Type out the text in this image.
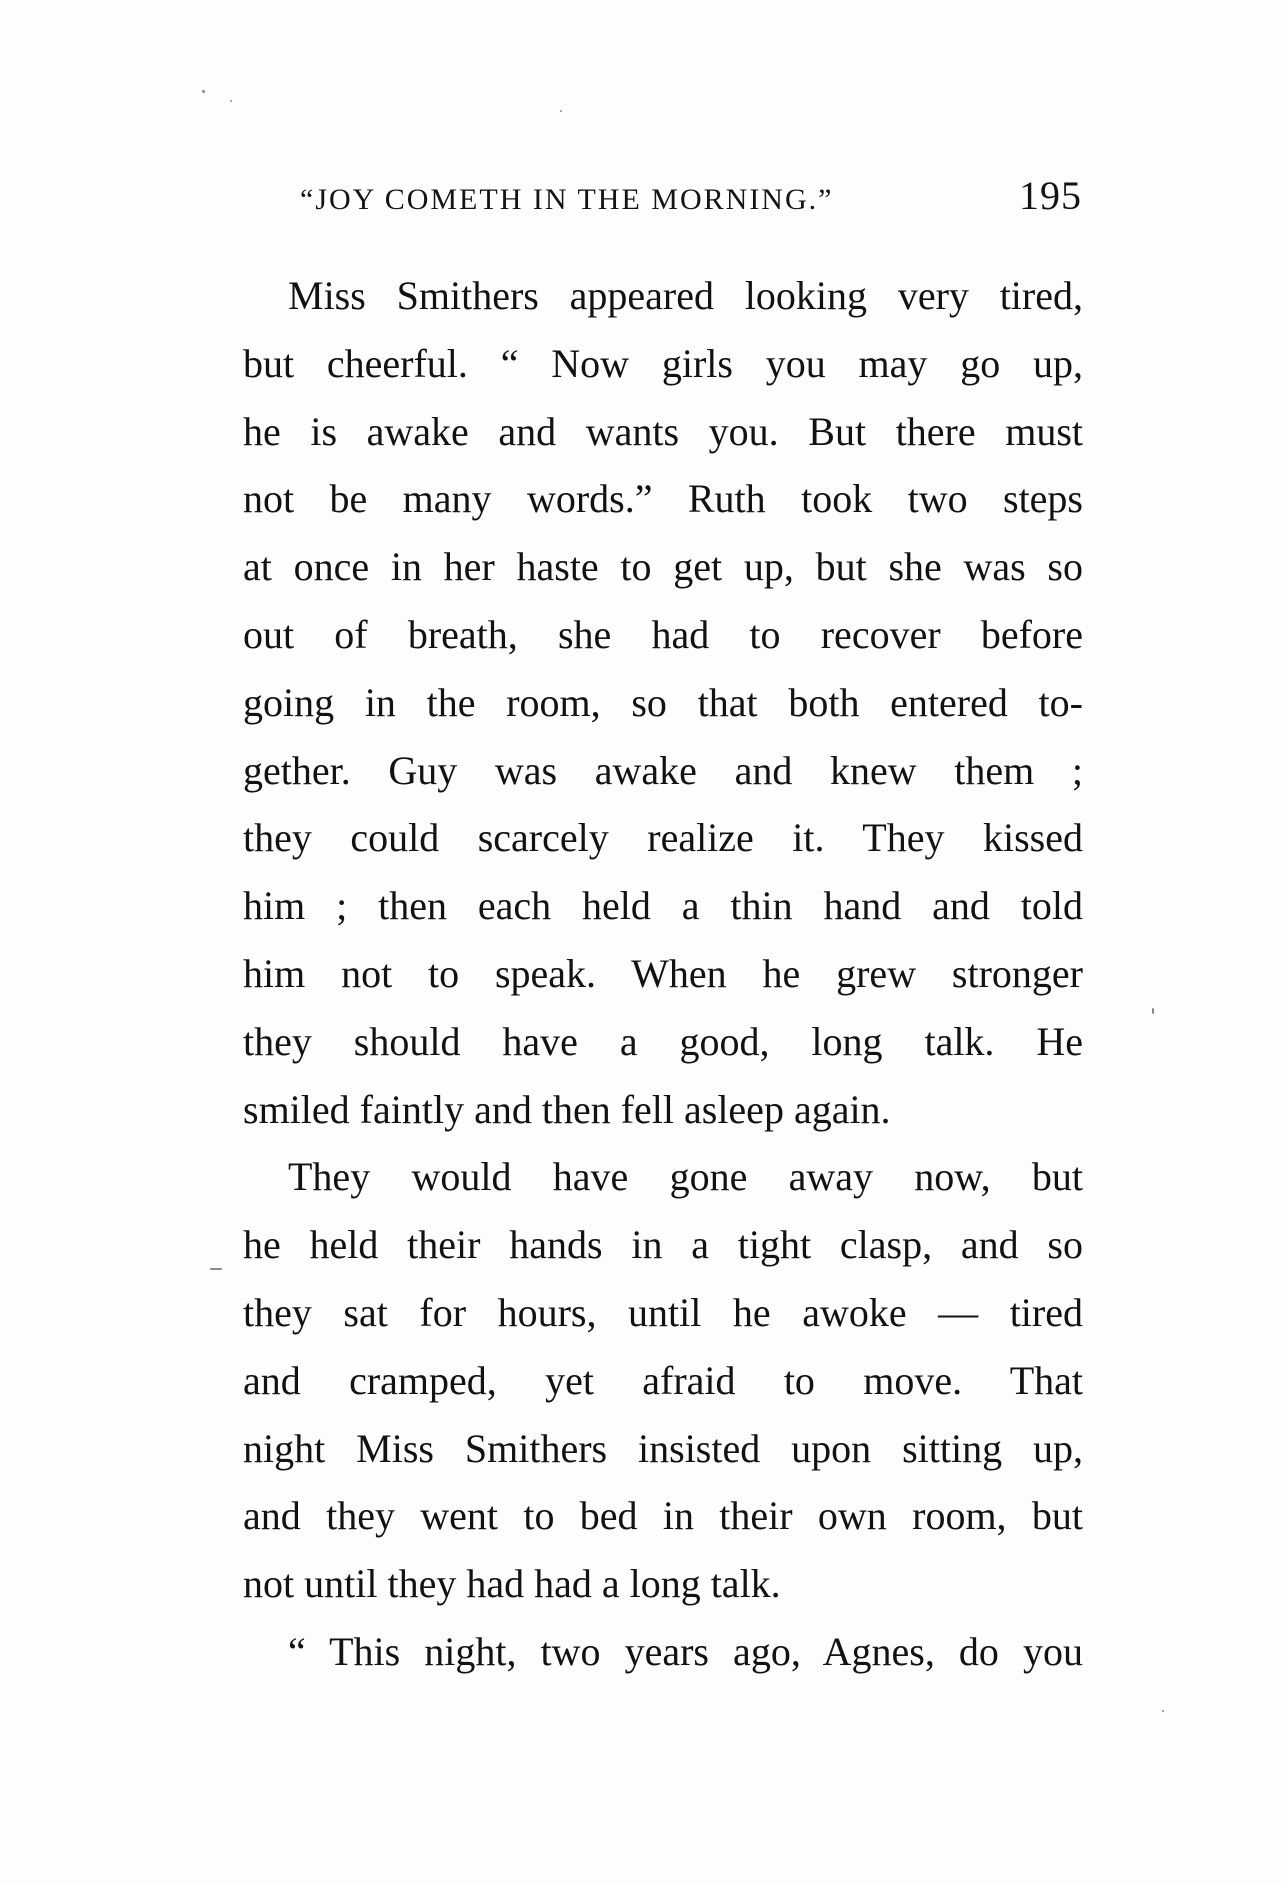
“JOY COMETH IN THE MORNING.”	195
Miss Smithers appeared looking very tired,
but cheerful. “ Now girls you may go up,
he is awake and wants you. But there must
not be many words.” Ruth took two steps
at once in her haste to get up, but she was so
out of breath, she had to recover before
going in the room, so that both entered to-
gether. Guy was awake and knew them ;
they could scarcely realize it. They kissed
him ; then each held a thin hand and told
him not to speak. When he grew stronger
they should have a good, long talk. He
smiled faintly and then fell asleep again.
They would have gone away now, but
he held their hands in a tight clasp, and so
they sat for hours, until he awoke — tired
and cramped, yet afraid to move. That
night Miss Smithers insisted upon sitting up,
and they went to bed in their own room, but
not until they had had a long talk.
“ This night, two years ago, Agnes, do you
